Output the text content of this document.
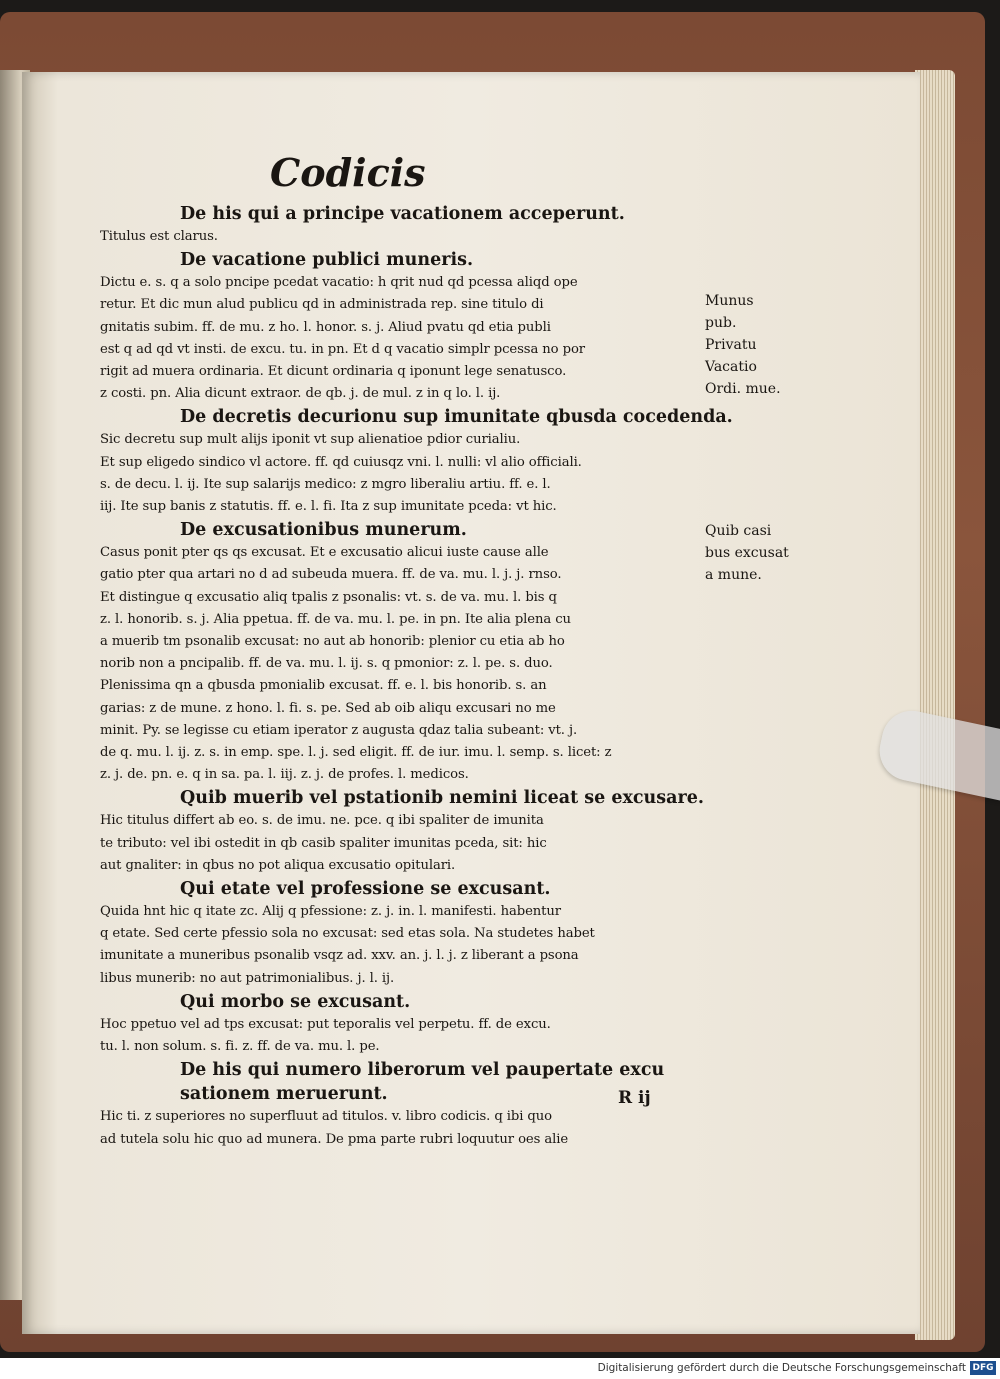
Codicis

De his qui a principe vacationem acceperunt.

Titulus est clarus.

De vacatione publici muneris.

Dictu e. s. q a solo pncipe pcedat vacatio: h qrit nud qd pcessa aliqd ope

retur. Et dic mun alud publicu qd in administrada rep. sine titulo di

gnitatis subim. ff. de mu. z ho. l. honor. s. j. Aliud pvatu qd etia publi

est q ad qd vt insti. de excu. tu. in pn. Et d q vacatio simplr pcessa no por

rigit ad muera ordinaria. Et dicunt ordinaria q iponunt lege senatusco.

z costi. pn. Alia dicunt extraor. de qb. j. de mul. z in q lo. l. ij.

De decretis decurionu sup imunitate qbusda cocedenda.

Sic decretu sup mult alijs iponit vt sup alienatioe pdior curialiu.

Et sup eligedo sindico vl actore. ff. qd cuiusqz vni. l. nulli: vl alio officiali.

s. de decu. l. ij. Ite sup salarijs medico: z mgro liberaliu artiu. ff. e. l.

iij. Ite sup banis z statutis. ff. e. l. fi. Ita z sup imunitate pceda: vt hic.

De excusationibus munerum.

Casus ponit pter qs qs excusat. Et e excusatio alicui iuste cause alle

gatio pter qua artari no d ad subeuda muera. ff. de va. mu. l. j. j. rnso.

Et distingue q excusatio aliq tpalis z psonalis: vt. s. de va. mu. l. bis q

z. l. honorib. s. j. Alia ppetua. ff. de va. mu. l. pe. in pn. Ite alia plena cu

a muerib tm psonalib excusat: no aut ab honorib: plenior cu etia ab ho

norib non a pncipalib. ff. de va. mu. l. ij. s. q pmonior: z. l. pe. s. duo.

Plenissima qn a qbusda pmonialib excusat. ff. e. l. bis honorib. s. an

garias: z de mune. z hono. l. fi. s. pe. Sed ab oib aliqu excusari no me

minit. Py. se legisse cu etiam iperator z augusta qdaz talia subeant: vt. j.

de q. mu. l. ij. z. s. in emp. spe. l. j. sed eligit. ff. de iur. imu. l. semp. s. licet: z

z. j. de. pn. e. q in sa. pa. l. iij. z. j. de profes. l. medicos.

Quib muerib vel pstationib nemini liceat se excusare.

Hic titulus differt ab eo. s. de imu. ne. pce. q ibi spaliter de imunita

te tributo: vel ibi ostedit in qb casib spaliter imunitas pceda, sit: hic

aut gnaliter: in qbus no pot aliqua excusatio opitulari.

Qui etate vel professione se excusant.

Quida hnt hic q itate zc. Alij q pfessione: z. j. in. l. manifesti. habentur

q etate. Sed certe pfessio sola no excusat: sed etas sola. Na studetes habet

imunitate a muneribus psonalib vsqz ad. xxv. an. j. l. j. z liberant a psona

libus munerib: no aut patrimonialibus. j. l. ij.

Qui morbo se excusant.

Hoc ppetuo vel ad tps excusat: put teporalis vel perpetu. ff. de excu.

tu. l. non solum. s. fi. z. ff. de va. mu. l. pe.

De his qui numero liberorum vel paupertate excu

sationem meruerunt.

Hic ti. z superiores no superfluut ad titulos. v. libro codicis. q ibi quo

ad tutela solu hic quo ad munera. De pma parte rubri loquutur oes alie

Munus
pub.
Privatu
Vacatio
Ordi. mue.
Quib casi
bus excusat
a mune.
R ij
Digitalisierung gefördert durch die Deutsche Forschungsgemeinschaft DFG
